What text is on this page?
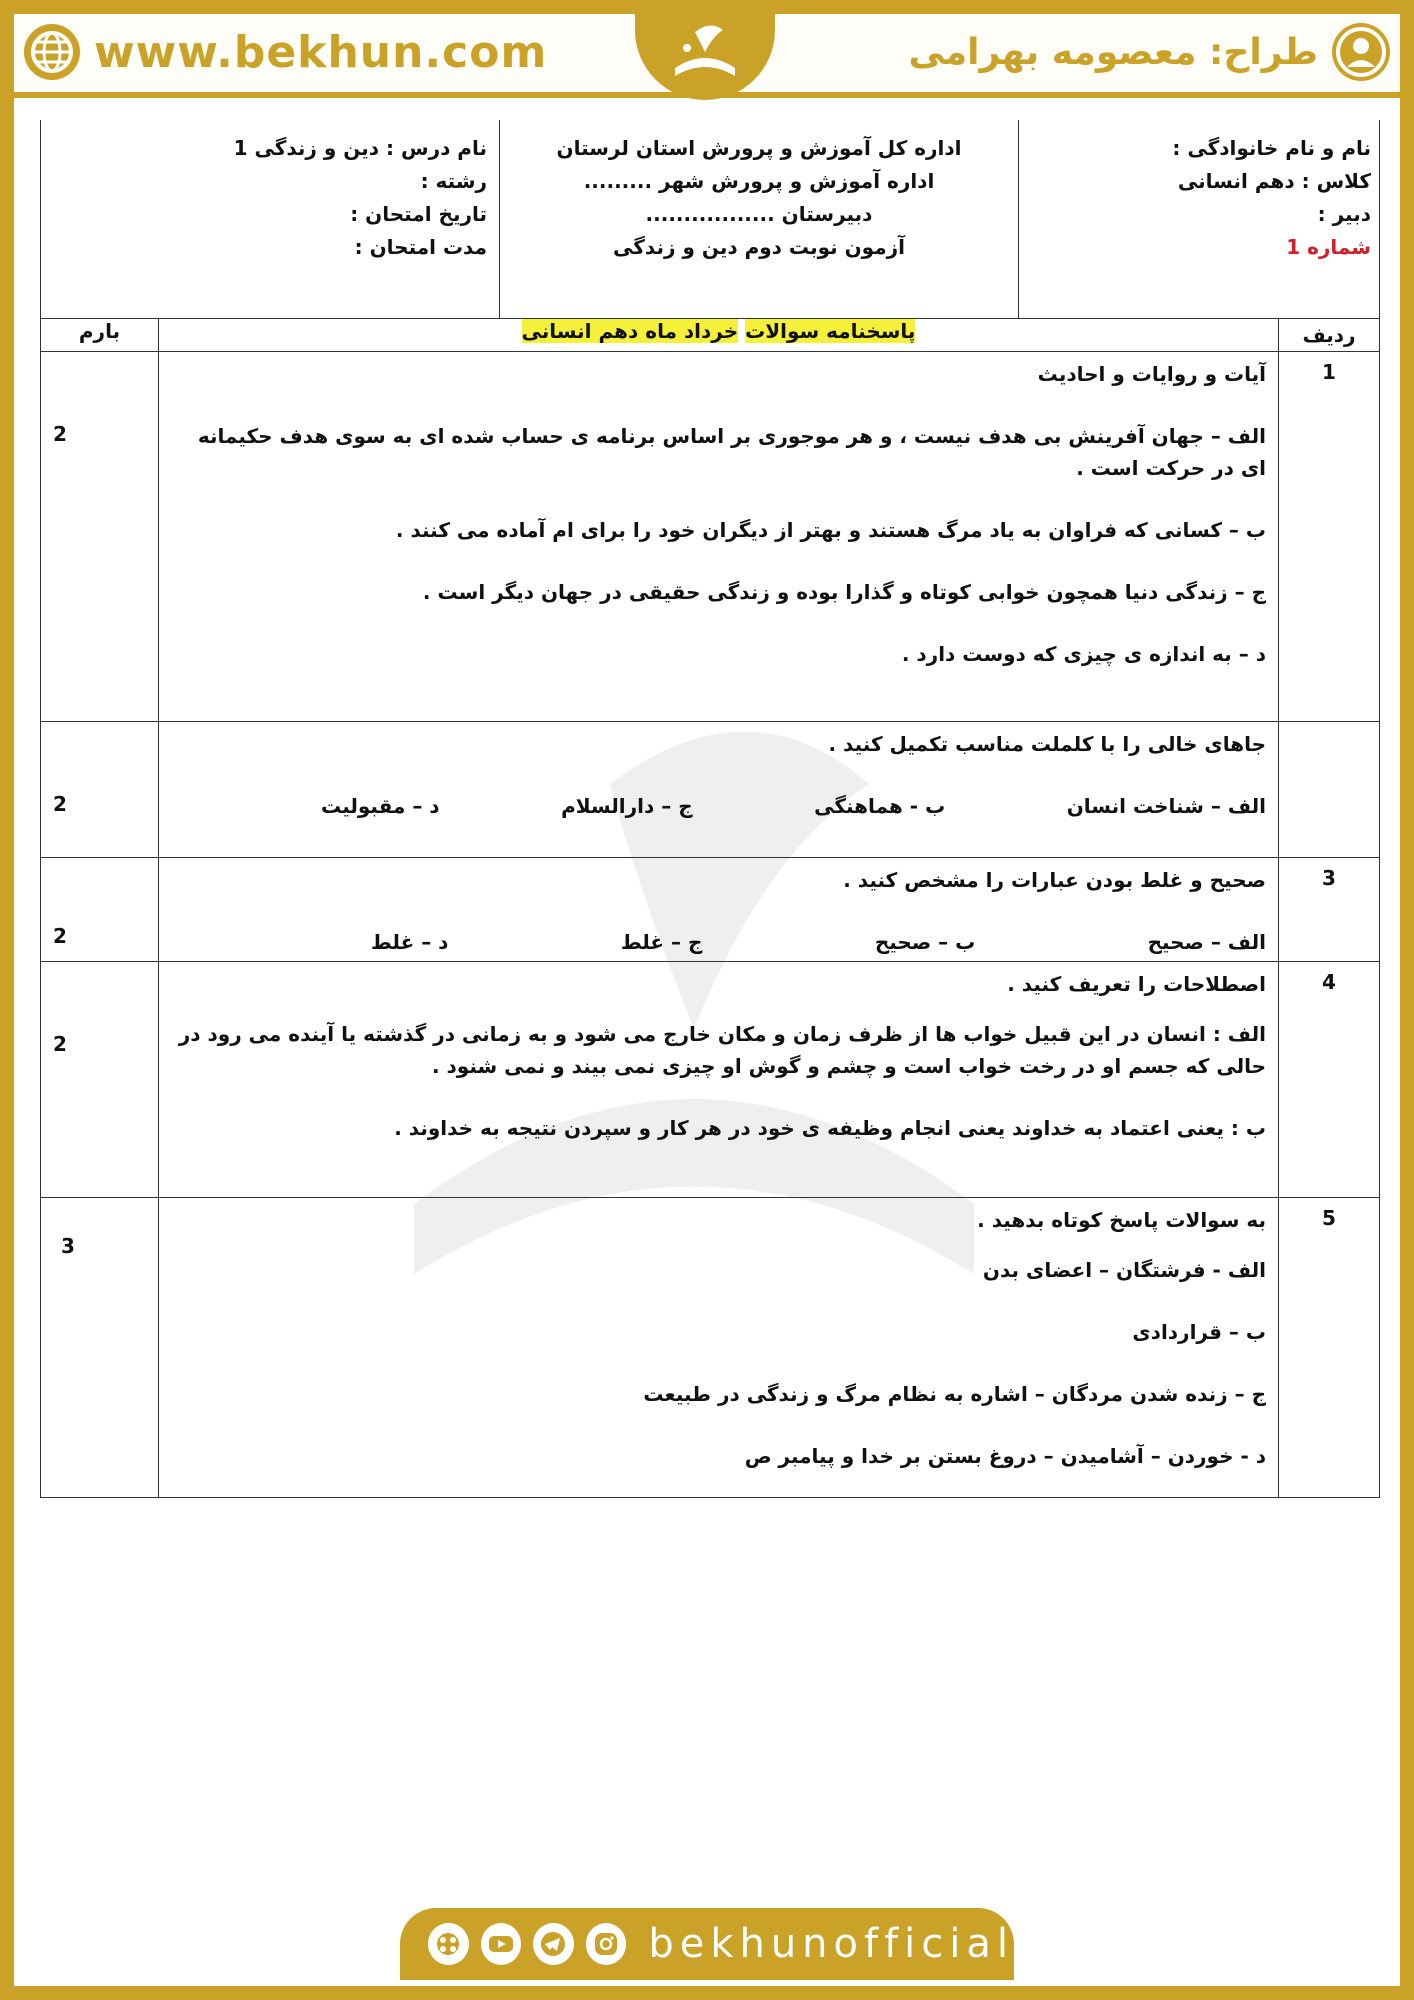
www.bekhun.com	طراح: معصومه بهرامی
نام و نام خانوادگی :
کلاس : دهم انسانی
دبیر :
شماره 1
اداره کل آموزش و پرورش استان لرستان
اداره آموزش و پرورش شهر .........
دبیرستان .................
آزمون نوبت دوم دین و زندگی
نام درس : دین و زندگی 1
رشته :
تاریخ امتحان :
مدت امتحان :
ردیف	پاسخنامه سوالات خرداد ماه دهم انسانی	بارم
1	آیات و روایات و احادیث

الف – جهان آفرینش بی هدف نیست ، و هر موجوری بر اساس برنامه ی حساب شده ای به سوی هدف حکیمانه ای در حرکت است .

ب – کسانی که فراوان به یاد مرگ هستند و بهتر از دیگران خود را برای ام آماده می کنند .

ج – زندگی دنیا همچون خوابی کوتاه و گذارا بوده و زندگی حقیقی در جهان دیگر است .

د – به اندازه ی چیزی که دوست دارد .	2

	جاهای خالی را با کلملت مناسب تکمیل کنید .

الف – شناخت انسان
ب - هماهنگی
ج – دارالسلام
د – مقبولیت	2
3	صحیح و غلط بودن عبارات را مشخص کنید .

الف – صحیح
ب – صحیح
ج – غلط
د – غلط	2
4	اصطلاحات را تعریف کنید .

الف : انسان در این قبیل خواب ها از ظرف زمان و مکان خارج می شود و به زمانی در گذشته یا آینده می رود در حالی که جسم او در رخت خواب است و چشم و گوش او چیزی نمی بیند و نمی شنود .

ب : یعنی اعتماد به خداوند یعنی انجام وظیفه ی خود در هر کار و سپردن نتیجه به خداوند .	2
5	به سوالات پاسخ کوتاه بدهید .

الف - فرشتگان – اعضای بدن

ب – قراردادی

ج – زنده شدن مردگان – اشاره به نظام مرگ و زندگی در طبیعت

د - خوردن – آشامیدن – دروغ بستن بر خدا و پیامبر ص	3
bekhunofficial
